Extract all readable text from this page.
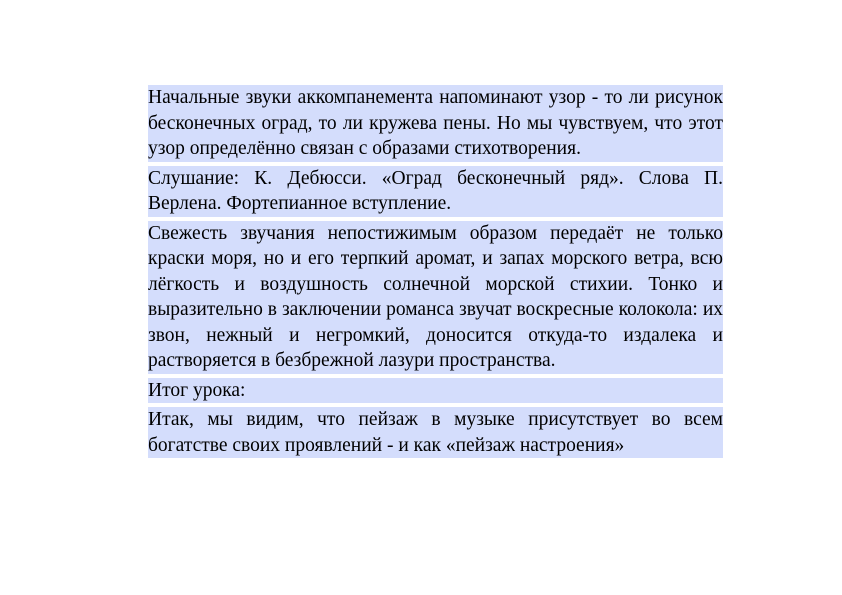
Начальные звуки аккомпанемента напоминают узор - то ли рисунок бесконечных оград, то ли кружева пены. Но мы чувствуем, что этот узор определённо связан с образами стихотворения.

Слушание: К. Дебюсси. «Оград бесконечный ряд». Слова П. Верлена. Фортепианное вступление.

Свежесть звучания непостижимым образом передаёт не только краски моря, но и его терпкий аромат, и запах морского ветра, всю лёгкость и воздушность солнечной морской стихии. Тонко и выразительно в заключении романса звучат воскресные колокола: их звон, нежный и негромкий, доносится откуда-то издалека и растворяется в безбрежной лазури пространства.

Итог урока:

Итак, мы видим, что пейзаж в музыке присутствует во всем богатстве своих проявлений - и как «пейзаж настроения»
